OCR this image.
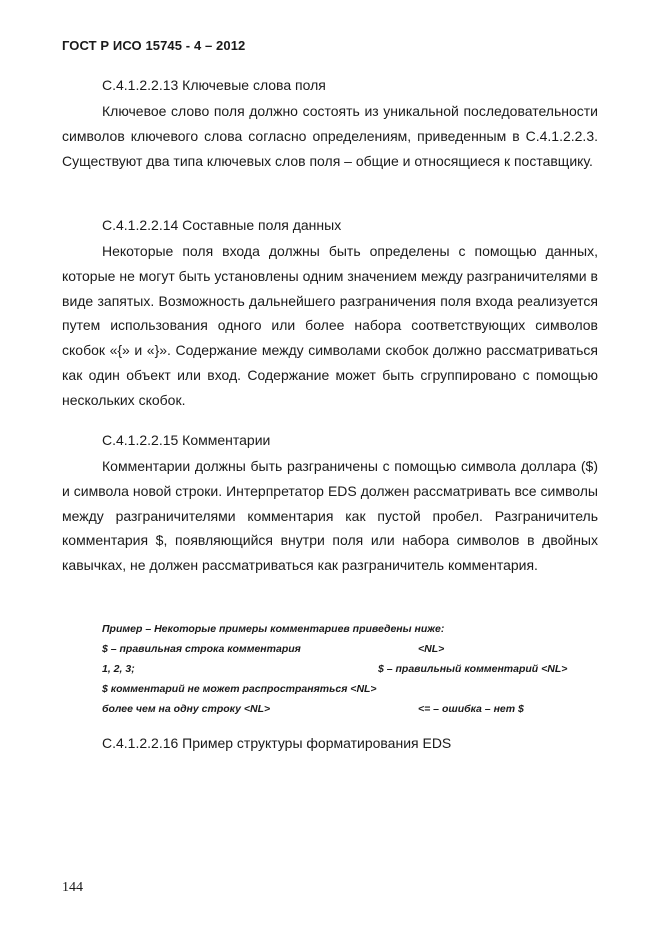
ГОСТ Р ИСО 15745 - 4 – 2012
C.4.1.2.2.13 Ключевые слова поля

Ключевое слово поля должно состоять из уникальной последовательности символов ключевого слова согласно определениям, приведенным в C.4.1.2.2.3. Существуют два типа ключевых слов поля – общие и относящиеся к поставщику.

C.4.1.2.2.14 Составные поля данных

Некоторые поля входа должны быть определены с помощью данных, которые не могут быть установлены одним значением между разграничителями в виде запятых. Возможность дальнейшего разграничения поля входа реализуется путем использования одного или более набора соответствующих символов скобок «{» и «}». Содержание между символами скобок должно рассматриваться как один объект или вход. Содержание может быть сгруппировано с помощью нескольких скобок.

C.4.1.2.2.15 Комментарии

Комментарии должны быть разграничены с помощью символа доллара ($) и символа новой строки. Интерпретатор EDS должен рассматривать все символы между разграничителями комментария как пустой пробел. Разграничитель комментария $, появляющийся внутри поля или набора символов в двойных кавычках, не должен рассматриваться как разграничитель комментария.

Пример – Некоторые примеры комментариев приведены ниже:
$ – правильная строка комментария	<NL>
1, 2, 3;	$ – правильный комментарий <NL>
$ комментарий не может распространяться <NL>
более чем на одну строку <NL>	<= – ошибка – нет $
C.4.1.2.2.16 Пример структуры форматирования EDS
144
